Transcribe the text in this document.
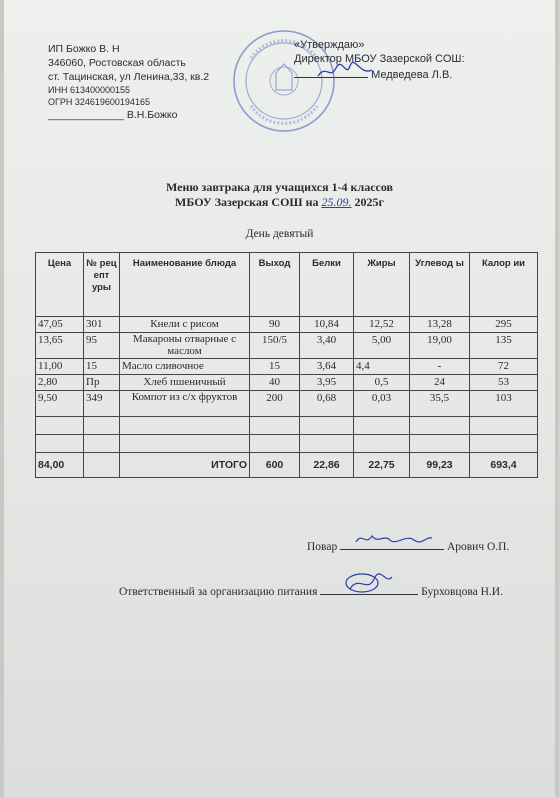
ИП Божко В. Н
346060, Ростовская область
ст. Тацинская, ул Ленина,33, кв.2
ИНН 613400000155
ОГРН 324619600194165
_____________ В.Н.Божко
«Утверждаю»
Директор МБОУ Зазерской СОШ:
Медведева Л.В.
Меню завтрака для учащихся 1-4 классов
МБОУ Зазерская СОШ на 25.09. 2025г
День девятый
Цена	№ рец епт уры	Наименование блюда	Выход	Белки	Жиры	Углевод ы	Калор ии
47,05	301	Кнели с рисом	90	10,84	12,52	13,28	295
13,65	95	Макароны отварные с маслом	150/5	3,40	5,00	19,00	135
11,00	15	Масло сливочное	15	3,64	4,4	-	72
2,80	Пр	Хлеб пшеничный	40	3,95	0,5	24	53
9,50	349	Компот из с/х фруктов	200	0,68	0,03	35,5	103

84,00		ИТОГО	600	22,86	22,75	99,23	693,4
Повар	Арович О.П.
Ответственный за организацию питания	Бурховцова Н.И.
